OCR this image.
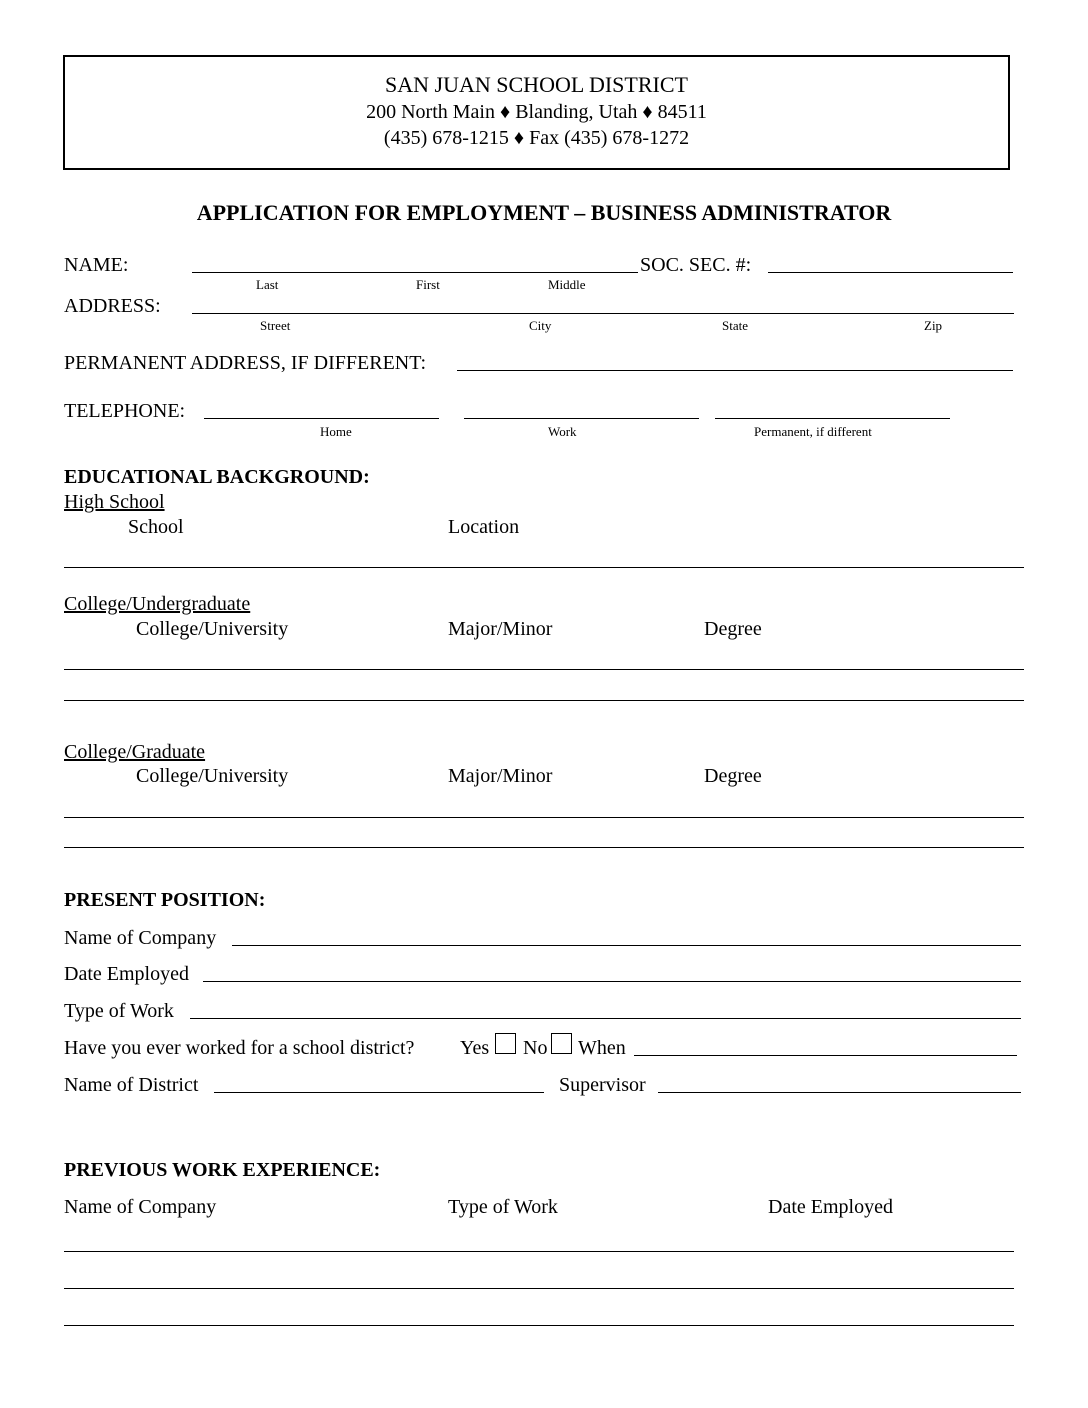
SAN JUAN SCHOOL DISTRICT
200 North Main ♦ Blanding, Utah ♦ 84511
(435) 678-1215 ♦ Fax (435) 678-1272
APPLICATION FOR EMPLOYMENT – BUSINESS ADMINISTRATOR
NAME:	SOC. SEC. #:
Last	First	Middle
ADDRESS:
Street	City	State	Zip
PERMANENT ADDRESS, IF DIFFERENT:
TELEPHONE:
Home	Work	Permanent, if different
EDUCATIONAL BACKGROUND:
High School
School	Location
College/Undergraduate
College/University	Major/Minor	Degree
College/Graduate
College/University	Major/Minor	Degree
PRESENT POSITION:
Name of Company
Date Employed
Type of Work
Have you ever worked for a school district? Yes No When
Name of District	Supervisor
PREVIOUS WORK EXPERIENCE:
Name of Company	Type of Work	Date Employed
